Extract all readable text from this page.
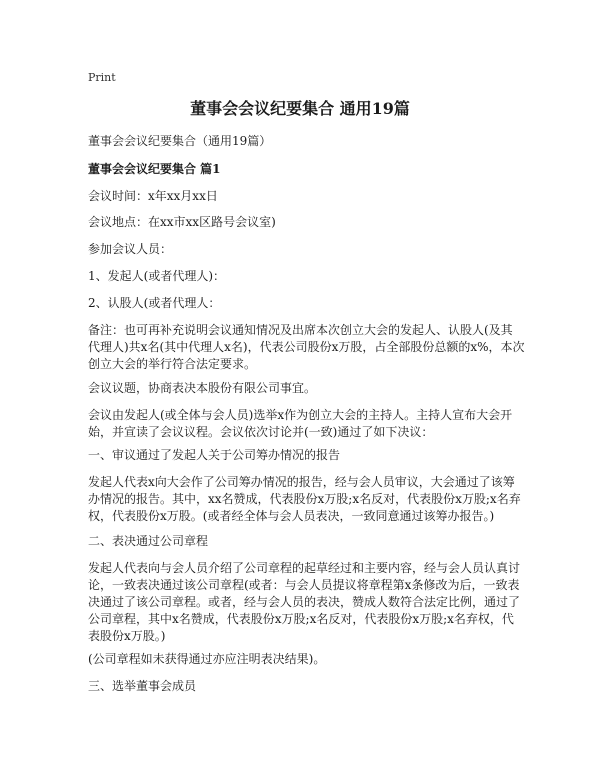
Print
董事会会议纪要集合 通用19篇
董事会会议纪要集合（通用19篇）
董事会会议纪要集合 篇1
会议时间：x年xx月xx日
会议地点：在xx市xx区路号会议室)
参加会议人员：
1、发起人(或者代理人)：
2、认股人(或者代理人：
备注：也可再补充说明会议通知情况及出席本次创立大会的发起人、认股人(及其
代理人)共x名(其中代理人x名)，代表公司股份x万股，占全部股份总额的x%，本次
创立大会的举行符合法定要求。
会议议题，协商表决本股份有限公司事宜。
会议由发起人(或全体与会人员)选举x作为创立大会的主持人。主持人宣布大会开
始，并宣读了会议议程。会议依次讨论并(一致)通过了如下决议：
一、审议通过了发起人关于公司筹办情况的报告
发起人代表x向大会作了公司筹办情况的报告，经与会人员审议，大会通过了该筹
办情况的报告。其中，xx名赞成，代表股份x万股;x名反对，代表股份x万股;x名弃
权，代表股份x万股。(或者经全体与会人员表决，一致同意通过该筹办报告。)
二、表决通过公司章程
发起人代表向与会人员介绍了公司章程的起草经过和主要内容，经与会人员认真讨
论，一致表决通过该公司章程(或者：与会人员提议将章程第x条修改为后，一致表
决通过了该公司章程。或者，经与会人员的表决，赞成人数符合法定比例，通过了
公司章程，其中x名赞成，代表股份x万股;x名反对，代表股份x万股;x名弃权，代
表股份x万股。)
(公司章程如未获得通过亦应注明表决结果)。
三、选举董事会成员
